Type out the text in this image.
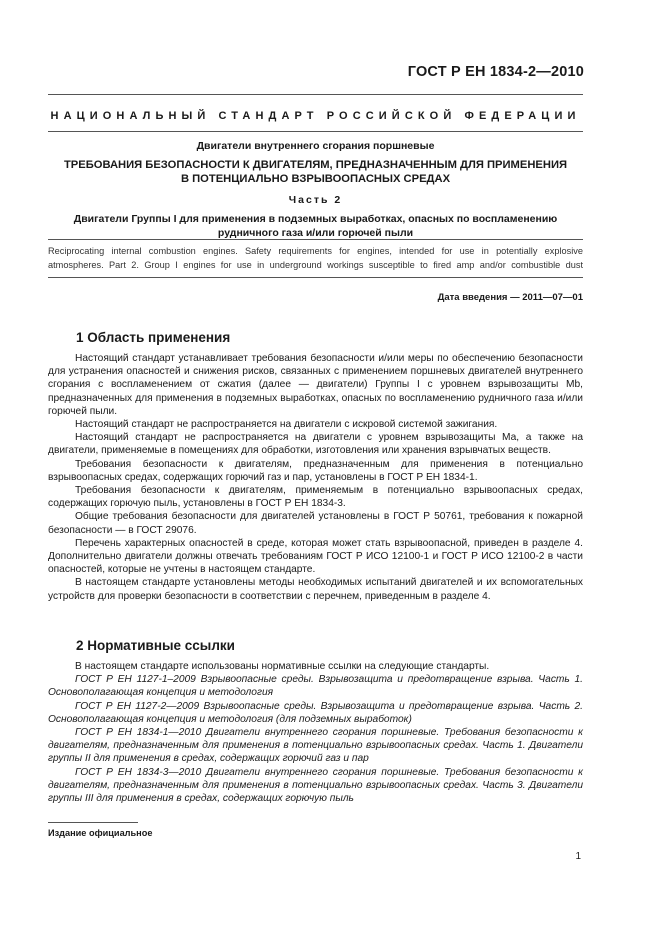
ГОСТ Р ЕН 1834-2—2010
НАЦИОНАЛЬНЫЙ СТАНДАРТ РОССИЙСКОЙ ФЕДЕРАЦИИ
Двигатели внутреннего сгорания поршневые
ТРЕБОВАНИЯ БЕЗОПАСНОСТИ К ДВИГАТЕЛЯМ, ПРЕДНАЗНАЧЕННЫМ ДЛЯ ПРИМЕНЕНИЯ
В ПОТЕНЦИАЛЬНО ВЗРЫВООПАСНЫХ СРЕДАХ
Часть 2
Двигатели Группы I для применения в подземных выработках, опасных по воспламенению
рудничного газа и/или горючей пыли
Reciprocating internal combustion engines. Safety requirements for engines, intended for use in potentially explosive
atmospheres. Part 2. Group I engines for use in underground workings susceptible to fired amp and/or combustible dust
Дата введения — 2011—07—01
1 Область применения

Настоящий стандарт устанавливает требования безопасности и/или меры по обеспечению безопасности для устранения опасностей и снижения рисков, связанных с применением поршневых двигателей внутреннего сгорания с воспламенением от сжатия (далее — двигатели) Группы I с уровнем взрывозащиты Mb, предназначенных для применения в подземных выработках, опасных по воспламенению рудничного газа и/или горючей пыли.

Настоящий стандарт не распространяется на двигатели с искровой системой зажигания.

Настоящий стандарт не распространяется на двигатели с уровнем взрывозащиты Ма, а также на двигатели, применяемые в помещениях для обработки, изготовления или хранения взрывчатых веществ.

Требования безопасности к двигателям, предназначенным для применения в потенциально взрывоопасных средах, содержащих горючий газ и пар, установлены в ГОСТ Р ЕН 1834-1.

Требования безопасности к двигателям, применяемым в потенциально взрывоопасных средах, содержащих горючую пыль, установлены в ГОСТ Р ЕН 1834-3.

Общие требования безопасности для двигателей установлены в ГОСТ Р 50761, требования к пожарной безопасности — в ГОСТ 29076.

Перечень характерных опасностей в среде, которая может стать взрывоопасной, приведен в разделе 4. Дополнительно двигатели должны отвечать требованиям ГОСТ Р ИСО 12100-1 и ГОСТ Р ИСО 12100-2 в части опасностей, которые не учтены в настоящем стандарте.

В настоящем стандарте установлены методы необходимых испытаний двигателей и их вспомогательных устройств для проверки безопасности в соответствии с перечнем, приведенным в разделе 4.

2 Нормативные ссылки

В настоящем стандарте использованы нормативные ссылки на следующие стандарты.

ГОСТ Р ЕН 1127-1–2009 Взрывоопасные среды. Взрывозащита и предотвращение взрыва. Часть 1. Основополагающая концепция и методология

ГОСТ Р ЕН 1127-2—2009 Взрывоопасные среды. Взрывозащита и предотвращение взрыва. Часть 2. Основополагающая концепция и методология (для подземных выработок)

ГОСТ Р ЕН 1834-1—2010 Двигатели внутреннего сгорания поршневые. Требования безопасности к двигателям, предназначенным для применения в потенциально взрывоопасных средах. Часть 1. Двигатели группы II для применения в средах, содержащих горючий газ и пар

ГОСТ Р ЕН 1834-3—2010 Двигатели внутреннего сгорания поршневые. Требования безопасности к двигателям, предназначенным для применения в потенциально взрывоопасных средах. Часть 3. Двигатели группы III для применения в средах, содержащих горючую пыль

Издание официальное
1
